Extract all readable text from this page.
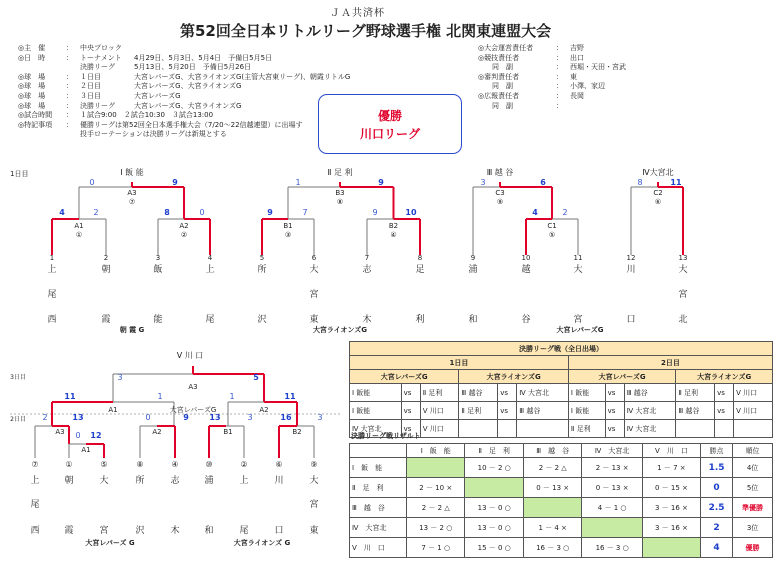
ＪＡ共済杯
第52回全日本リトルリーグ野球選手権 北関東連盟大会
◎主　催	： 中央ブロック
◎日　時	： トーナメント 4月29日、5月3日、5月4日　予備日5月5日
決勝リーグ	5月13日、5月20日　予備日5月26日
◎球　場	： １日目	大宮レパーズG、大宮ライオンズG(主管大宮東リーグ)、朝霞リトルG
◎球　場	： ２日目	大宮レパーズG、大宮ライオンズG
◎球　場	： ３日目	大宮レパーズG
◎球　場	： 決勝リーグ	大宮レパーズG、大宮ライオンズG
◎試合時間 ： １試合9:00　２試合10:30　３試合13:00
◎特記事項 ： 優勝リーグは第52回全日本選手権大会（7/20～22信越連盟）に出場す
投手ローテーションは決勝リーグは新規とする
◎大会運営責任者	： 吉野
◎競技責任者	： 出口
同　副	： 西堀・天田・宮武
◎審判責任者	： 東
同　副	： 小澤、家辺
◎広報責任者	： 長岡
同　副	：
優勝
川口リーグ
1日目	Ⅰ 飯 能	Ⅱ 足 利	Ⅲ 越 谷	Ⅳ大宮北
A3
⑦
A1
①
A2
②
B3
⑧
B1
③
B2
④
C3
⑨
C1
⑤
C2
⑥
0	9
4	2	8	0
1	9
9	7	9	10
3	6
4	2
8	11
1
上
尾
西
2
朝
霞
3
飯
能
4
上
尾
5
所
沢
6
大
宮
東
7
志
木
8
足
利
9
浦
和
10
越
谷
11
大
宮
12
川
口
13
大
宮
北
朝 霞 G	大宮ライオンズG	大宮レパーズG
Ⅴ 川 口
3日目
2日目
A3
A1	大宮レパーズG	A2
A3
A1
A2	B1	B2
3	5
11	1	1	11
2	13	0	9	13	3	16	3
0 12
⑦
上
尾
西
①
朝
霞
⑤
大
宮
⑧
所
沢
④
志
木
⑩
浦
和
②
上
尾
⑥
川
口
⑨
大
宮
東
大宮レパーズ G	大宮ライオンズ G
決勝リーグ戦（全日出場）											
1日目						2日目					
大宮レパーズG			大宮ライオンズG			大宮レパーズG			大宮ライオンズG		
Ⅰ 飯能	vs	Ⅱ 足利	Ⅲ 越谷	vs	Ⅳ 大宮北	Ⅰ 飯能	vs	Ⅲ 越谷	Ⅱ 足利	vs	Ⅴ 川口
Ⅰ 飯能	vs	Ⅴ 川口	Ⅱ 足利	vs	Ⅲ 越谷	Ⅰ 飯能	vs	Ⅳ 大宮北	Ⅲ 越谷	vs	Ⅴ 川口
Ⅳ 大宮北	vs	Ⅴ 川口				Ⅱ 足利	vs	Ⅳ 大宮北			
決勝リーグ戦リザルト
	Ⅰ　飯　能	Ⅱ　足　利	Ⅲ　越　谷	Ⅳ　大宮北	Ⅴ　川　口	勝点	順位
Ⅰ　飯　能		10 － 2 ○	2 － 2 △	2 － 13 ×	1 － 7 ×	1.5	4位
Ⅱ　足　利	2 － 10 ×		0 － 13 ×	0 － 13 ×	0 － 15 ×	0	5位
Ⅲ　越　谷	2 － 2 △	13 － 0 ○		4 － 1 ○	3 － 16 ×	2.5	準優勝
Ⅳ　大宮北	13 － 2 ○	13 － 0 ○	1 － 4 ×		3 － 16 ×	2	3位
Ⅴ　川　口	7 － 1 ○	15 － 0 ○	16 － 3 ○	16 － 3 ○		4	優勝
